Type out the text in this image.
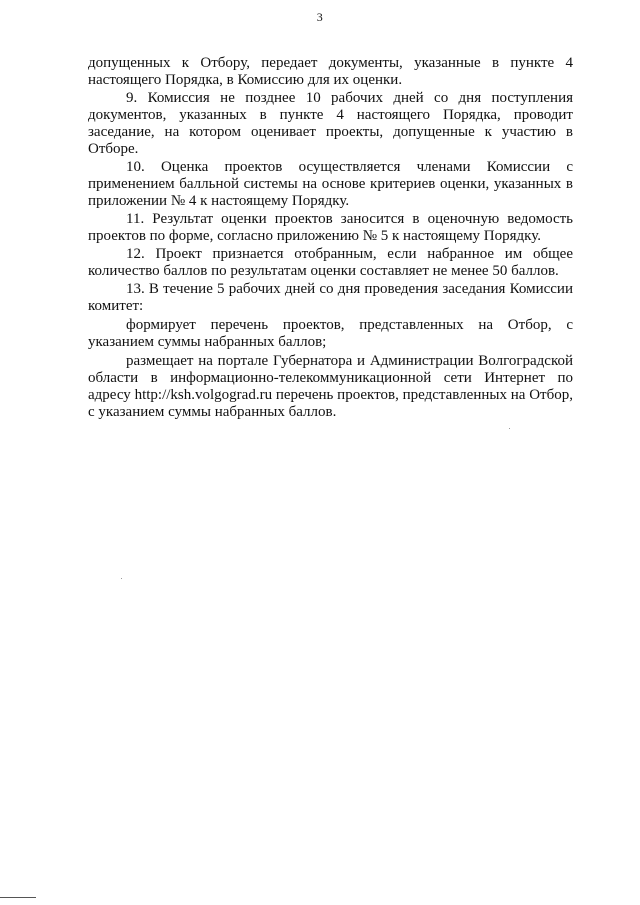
3

допущенных к Отбору, передает документы, указанные в пункте 4 настоящего Порядка, в Комиссию для их оценки.

9. Комиссия не позднее 10 рабочих дней со дня поступления документов, указанных в пункте 4 настоящего Порядка, проводит заседание, на котором оценивает проекты, допущенные к участию в Отборе.

10. Оценка проектов осуществляется членами Комиссии с применением балльной системы на основе критериев оценки, указанных в приложении № 4 к настоящему Порядку.

11. Результат оценки проектов заносится в оценочную ведомость проектов по форме, согласно приложению № 5 к настоящему Порядку.

12. Проект признается отобранным, если набранное им общее количество баллов по результатам оценки составляет не менее 50 баллов.

13. В течение 5 рабочих дней со дня проведения заседания Комиссии комитет:

формирует перечень проектов, представленных на Отбор, с указанием суммы набранных баллов;

размещает на портале Губернатора и Администрации Волгоградской области в информационно-телекоммуникационной сети Интернет по адресу http://ksh.volgograd.ru перечень проектов, представленных на Отбор, с указанием суммы набранных баллов.
